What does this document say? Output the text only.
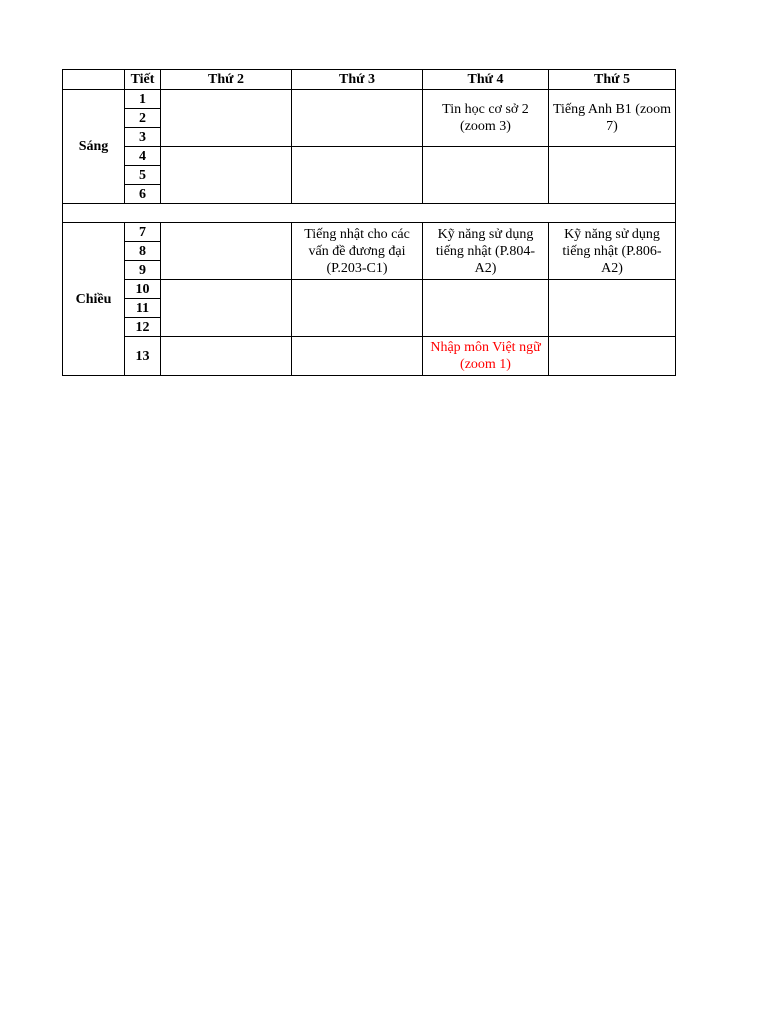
	Tiết	Thứ 2	Thứ 3	Thứ 4	Thứ 5
Sáng	1			Tin học cơ sở 2 (zoom 3)	Tiếng Anh B1 (zoom 7)
	2				
	3				
	4				
	5				
	6				

Chiều	7		Tiếng nhật cho các vấn đề đương đại (P.203-C1)	Kỹ năng sử dụng tiếng nhật (P.804-A2)	Kỹ năng sử dụng tiếng nhật (P.806-A2)
	8				
	9				
	10				
	11				
	12				
	13			Nhập môn Việt ngữ (zoom 1)	
